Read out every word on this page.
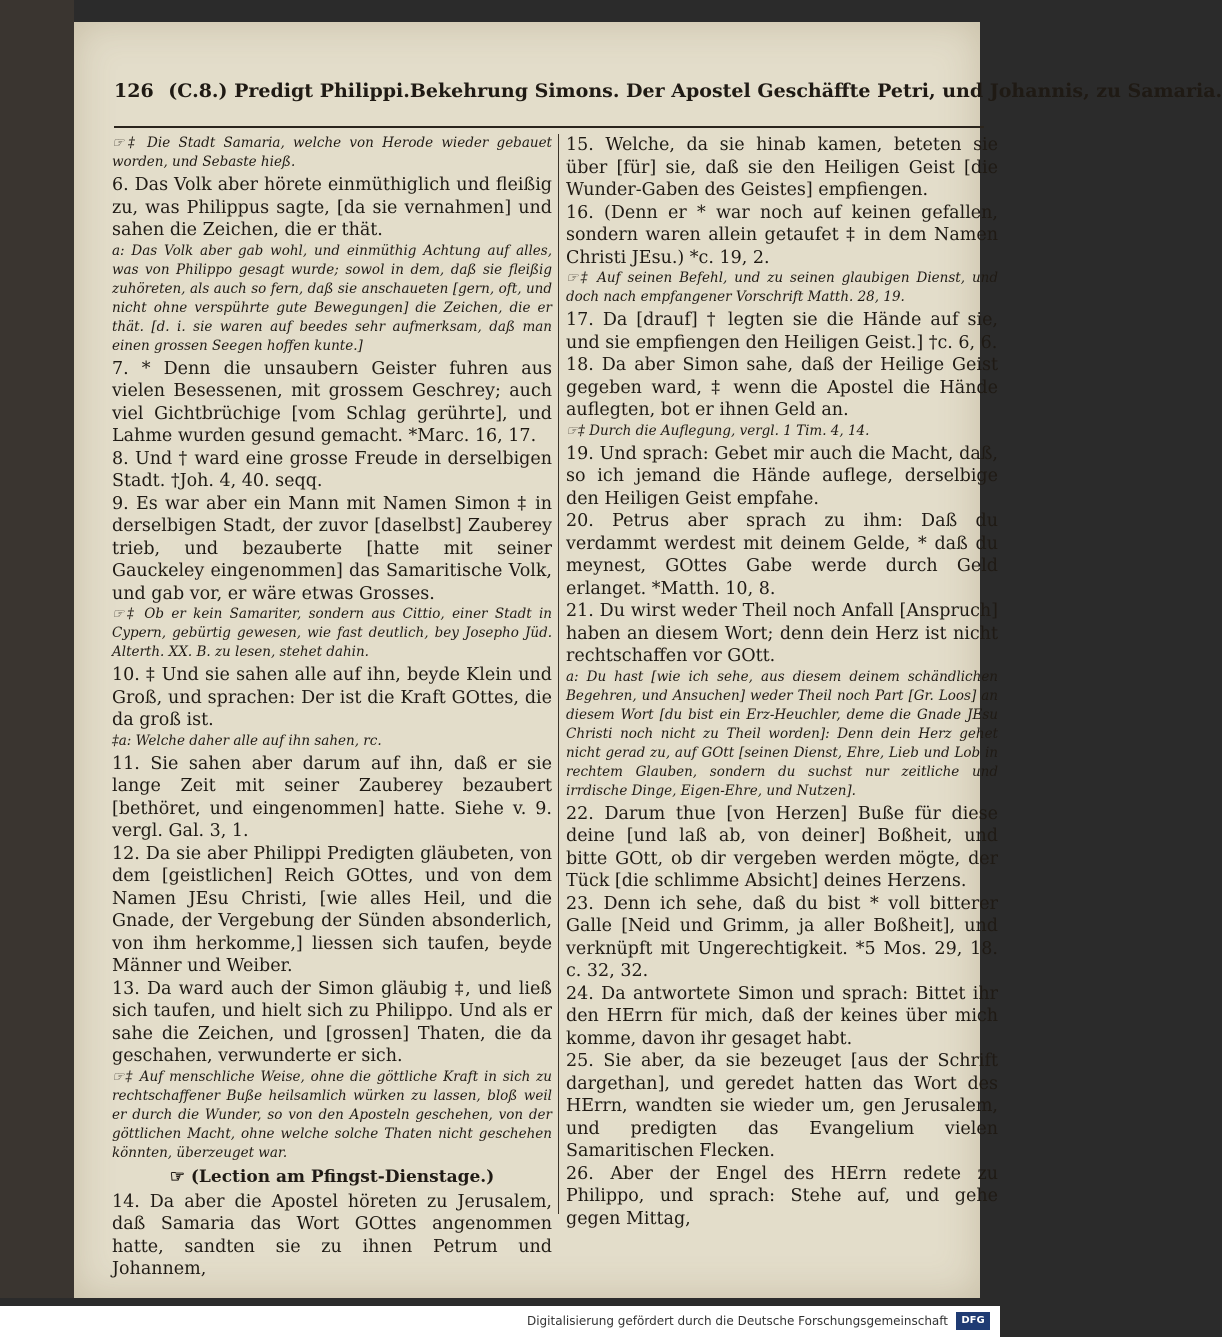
126 (C.8.) Predigt Philippi.Bekehrung Simons. Der Apostel Geschäffte Petri, und Johannis, zu Samaria.

☞‡ Die Stadt Samaria, welche von Herode wieder gebauet worden, und Sebaste hieß.

6. Das Volk aber hörete einmüthiglich und fleißig zu, was Philippus sagte, [da sie vernahmen] und sahen die Zeichen, die er thät.

a: Das Volk aber gab wohl, und einmüthig Achtung auf alles, was von Philippo gesagt wurde; sowol in dem, daß sie fleißig zuhöreten, als auch so fern, daß sie anschaueten [gern, oft, und nicht ohne verspührte gute Bewegungen] die Zeichen, die er thät. [d. i. sie waren auf beedes sehr aufmerksam, daß man einen grossen Seegen hoffen kunte.]

7. * Denn die unsaubern Geister fuhren aus vielen Besessenen, mit grossem Geschrey; auch viel Gichtbrüchige [vom Schlag gerührte], und Lahme wurden gesund gemacht. *Marc. 16, 17.

8. Und † ward eine grosse Freude in derselbigen Stadt. †Joh. 4, 40. seqq.

9. Es war aber ein Mann mit Namen Simon ‡ in derselbigen Stadt, der zuvor [daselbst] Zauberey trieb, und bezauberte [hatte mit seiner Gauckeley eingenommen] das Samaritische Volk, und gab vor, er wäre etwas Grosses.

☞‡ Ob er kein Samariter, sondern aus Cittio, einer Stadt in Cypern, gebürtig gewesen, wie fast deutlich, bey Josepho Jüd. Alterth. XX. B. zu lesen, stehet dahin.

10. ‡ Und sie sahen alle auf ihn, beyde Klein und Groß, und sprachen: Der ist die Kraft GOttes, die da groß ist.

‡a: Welche daher alle auf ihn sahen, rc.

11. Sie sahen aber darum auf ihn, daß er sie lange Zeit mit seiner Zauberey bezaubert [bethöret, und eingenommen] hatte. Siehe v. 9. vergl. Gal. 3, 1.

12. Da sie aber Philippi Predigten gläubeten, von dem [geistlichen] Reich GOttes, und von dem Namen JEsu Christi, [wie alles Heil, und die Gnade, der Vergebung der Sünden absonderlich, von ihm herkomme,] liessen sich taufen, beyde Männer und Weiber.

13. Da ward auch der Simon gläubig ‡, und ließ sich taufen, und hielt sich zu Philippo. Und als er sahe die Zeichen, und [grossen] Thaten, die da geschahen, verwunderte er sich.

☞‡ Auf menschliche Weise, ohne die göttliche Kraft in sich zu rechtschaffener Buße heilsamlich würken zu lassen, bloß weil er durch die Wunder, so von den Aposteln geschehen, von der göttlichen Macht, ohne welche solche Thaten nicht geschehen könnten, überzeuget war.

☞ (Lection am Pfingst-Dienstage.)

14. Da aber die Apostel höreten zu Jerusalem, daß Samaria das Wort GOttes angenommen hatte, sandten sie zu ihnen Petrum und Johannem,

15. Welche, da sie hinab kamen, beteten sie über [für] sie, daß sie den Heiligen Geist [die Wunder-Gaben des Geistes] empfiengen.

16. (Denn er * war noch auf keinen gefallen, sondern waren allein getaufet ‡ in dem Namen Christi JEsu.) *c. 19, 2.

☞‡ Auf seinen Befehl, und zu seinen glaubigen Dienst, und doch nach empfangener Vorschrift Matth. 28, 19.

17. Da [drauf] † legten sie die Hände auf sie, und sie empfiengen den Heiligen Geist.] †c. 6, 6.

18. Da aber Simon sahe, daß der Heilige Geist gegeben ward, ‡ wenn die Apostel die Hände auflegten, bot er ihnen Geld an.

☞‡ Durch die Auflegung, vergl. 1 Tim. 4, 14.

19. Und sprach: Gebet mir auch die Macht, daß, so ich jemand die Hände auflege, derselbige den Heiligen Geist empfahe.

20. Petrus aber sprach zu ihm: Daß du verdammt werdest mit deinem Gelde, * daß du meynest, GOttes Gabe werde durch Geld erlanget. *Matth. 10, 8.

21. Du wirst weder Theil noch Anfall [Anspruch] haben an diesem Wort; denn dein Herz ist nicht rechtschaffen vor GOtt.

a: Du hast [wie ich sehe, aus diesem deinem schändlichen Begehren, und Ansuchen] weder Theil noch Part [Gr. Loos] an diesem Wort [du bist ein Erz-Heuchler, deme die Gnade JEsu Christi noch nicht zu Theil worden]: Denn dein Herz gehet nicht gerad zu, auf GOtt [seinen Dienst, Ehre, Lieb und Lob in rechtem Glauben, sondern du suchst nur zeitliche und irrdische Dinge, Eigen-Ehre, und Nutzen].

22. Darum thue [von Herzen] Buße für diese deine [und laß ab, von deiner] Boßheit, und bitte GOtt, ob dir vergeben werden mögte, der Tück [die schlimme Absicht] deines Herzens.

23. Denn ich sehe, daß du bist * voll bitterer Galle [Neid und Grimm, ja aller Boßheit], und verknüpft mit Ungerechtigkeit. *5 Mos. 29, 18. c. 32, 32.

24. Da antwortete Simon und sprach: Bittet ihr den HErrn für mich, daß der keines über mich komme, davon ihr gesaget habt.

25. Sie aber, da sie bezeuget [aus der Schrift dargethan], und geredet hatten das Wort des HErrn, wandten sie wieder um, gen Jerusalem, und predigten das Evangelium vielen Samaritischen Flecken.

26. Aber der Engel des HErrn redete zu Philippo, und sprach: Stehe auf, und gehe gegen Mittag,

Digitalisierung gefördert durch die Deutsche Forschungsgemeinschaft	DFG
